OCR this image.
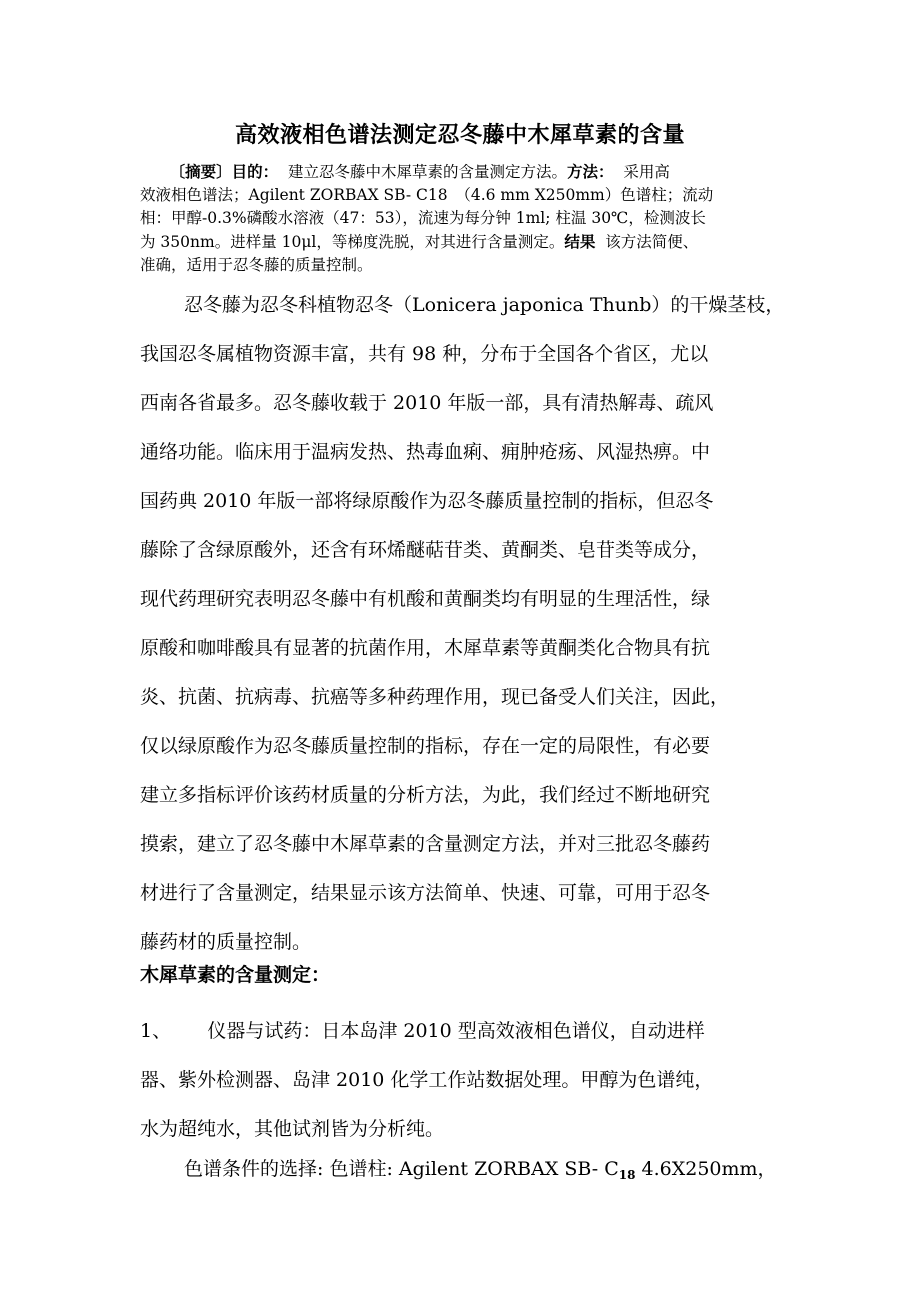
高效液相色谱法测定忍冬藤中木犀草素的含量
〔摘要〕目的： 建立忍冬藤中木犀草素的含量测定方法。方法： 采用高
效液相色谱法；Agilent ZORBAX SB- C18　（4.6 mm X250mm）色谱柱；流动
相：甲醇-0.3%磷酸水溶液（47：53），流速为每分钟 1ml; 柱温 30℃，检测波长
为 350nm。进样量 10μl，等梯度洗脱，对其进行含量测定。结果 该方法简便、
准确，适用于忍冬藤的质量控制。
忍冬藤为忍冬科植物忍冬（Lonicera japonica Thunb）的干燥茎枝，
我国忍冬属植物资源丰富，共有 98 种，分布于全国各个省区，尤以
西南各省最多。忍冬藤收载于 2010 年版一部，具有清热解毒、疏风
通络功能。临床用于温病发热、热毒血痢、痈肿疮疡、风湿热痹。中
国药典 2010 年版一部将绿原酸作为忍冬藤质量控制的指标，但忍冬
藤除了含绿原酸外，还含有环烯醚萜苷类、黄酮类、皂苷类等成分，
现代药理研究表明忍冬藤中有机酸和黄酮类均有明显的生理活性，绿
原酸和咖啡酸具有显著的抗菌作用，木犀草素等黄酮类化合物具有抗
炎、抗菌、抗病毒、抗癌等多种药理作用，现已备受人们关注，因此，
仅以绿原酸作为忍冬藤质量控制的指标，存在一定的局限性，有必要
建立多指标评价该药材质量的分析方法，为此，我们经过不断地研究
摸索，建立了忍冬藤中木犀草素的含量测定方法，并对三批忍冬藤药
材进行了含量测定，结果显示该方法简单、快速、可靠，可用于忍冬
藤药材的质量控制。
木犀草素的含量测定：
1、 仪器与试药：日本岛津 2010 型高效液相色谱仪，自动进样
器、紫外检测器、岛津 2010 化学工作站数据处理。甲醇为色谱纯，
水为超纯水，其他试剂皆为分析纯。
色谱条件的选择: 色谱柱: Agilent ZORBAX SB- $C_{18}$ 4.6X250mm，
